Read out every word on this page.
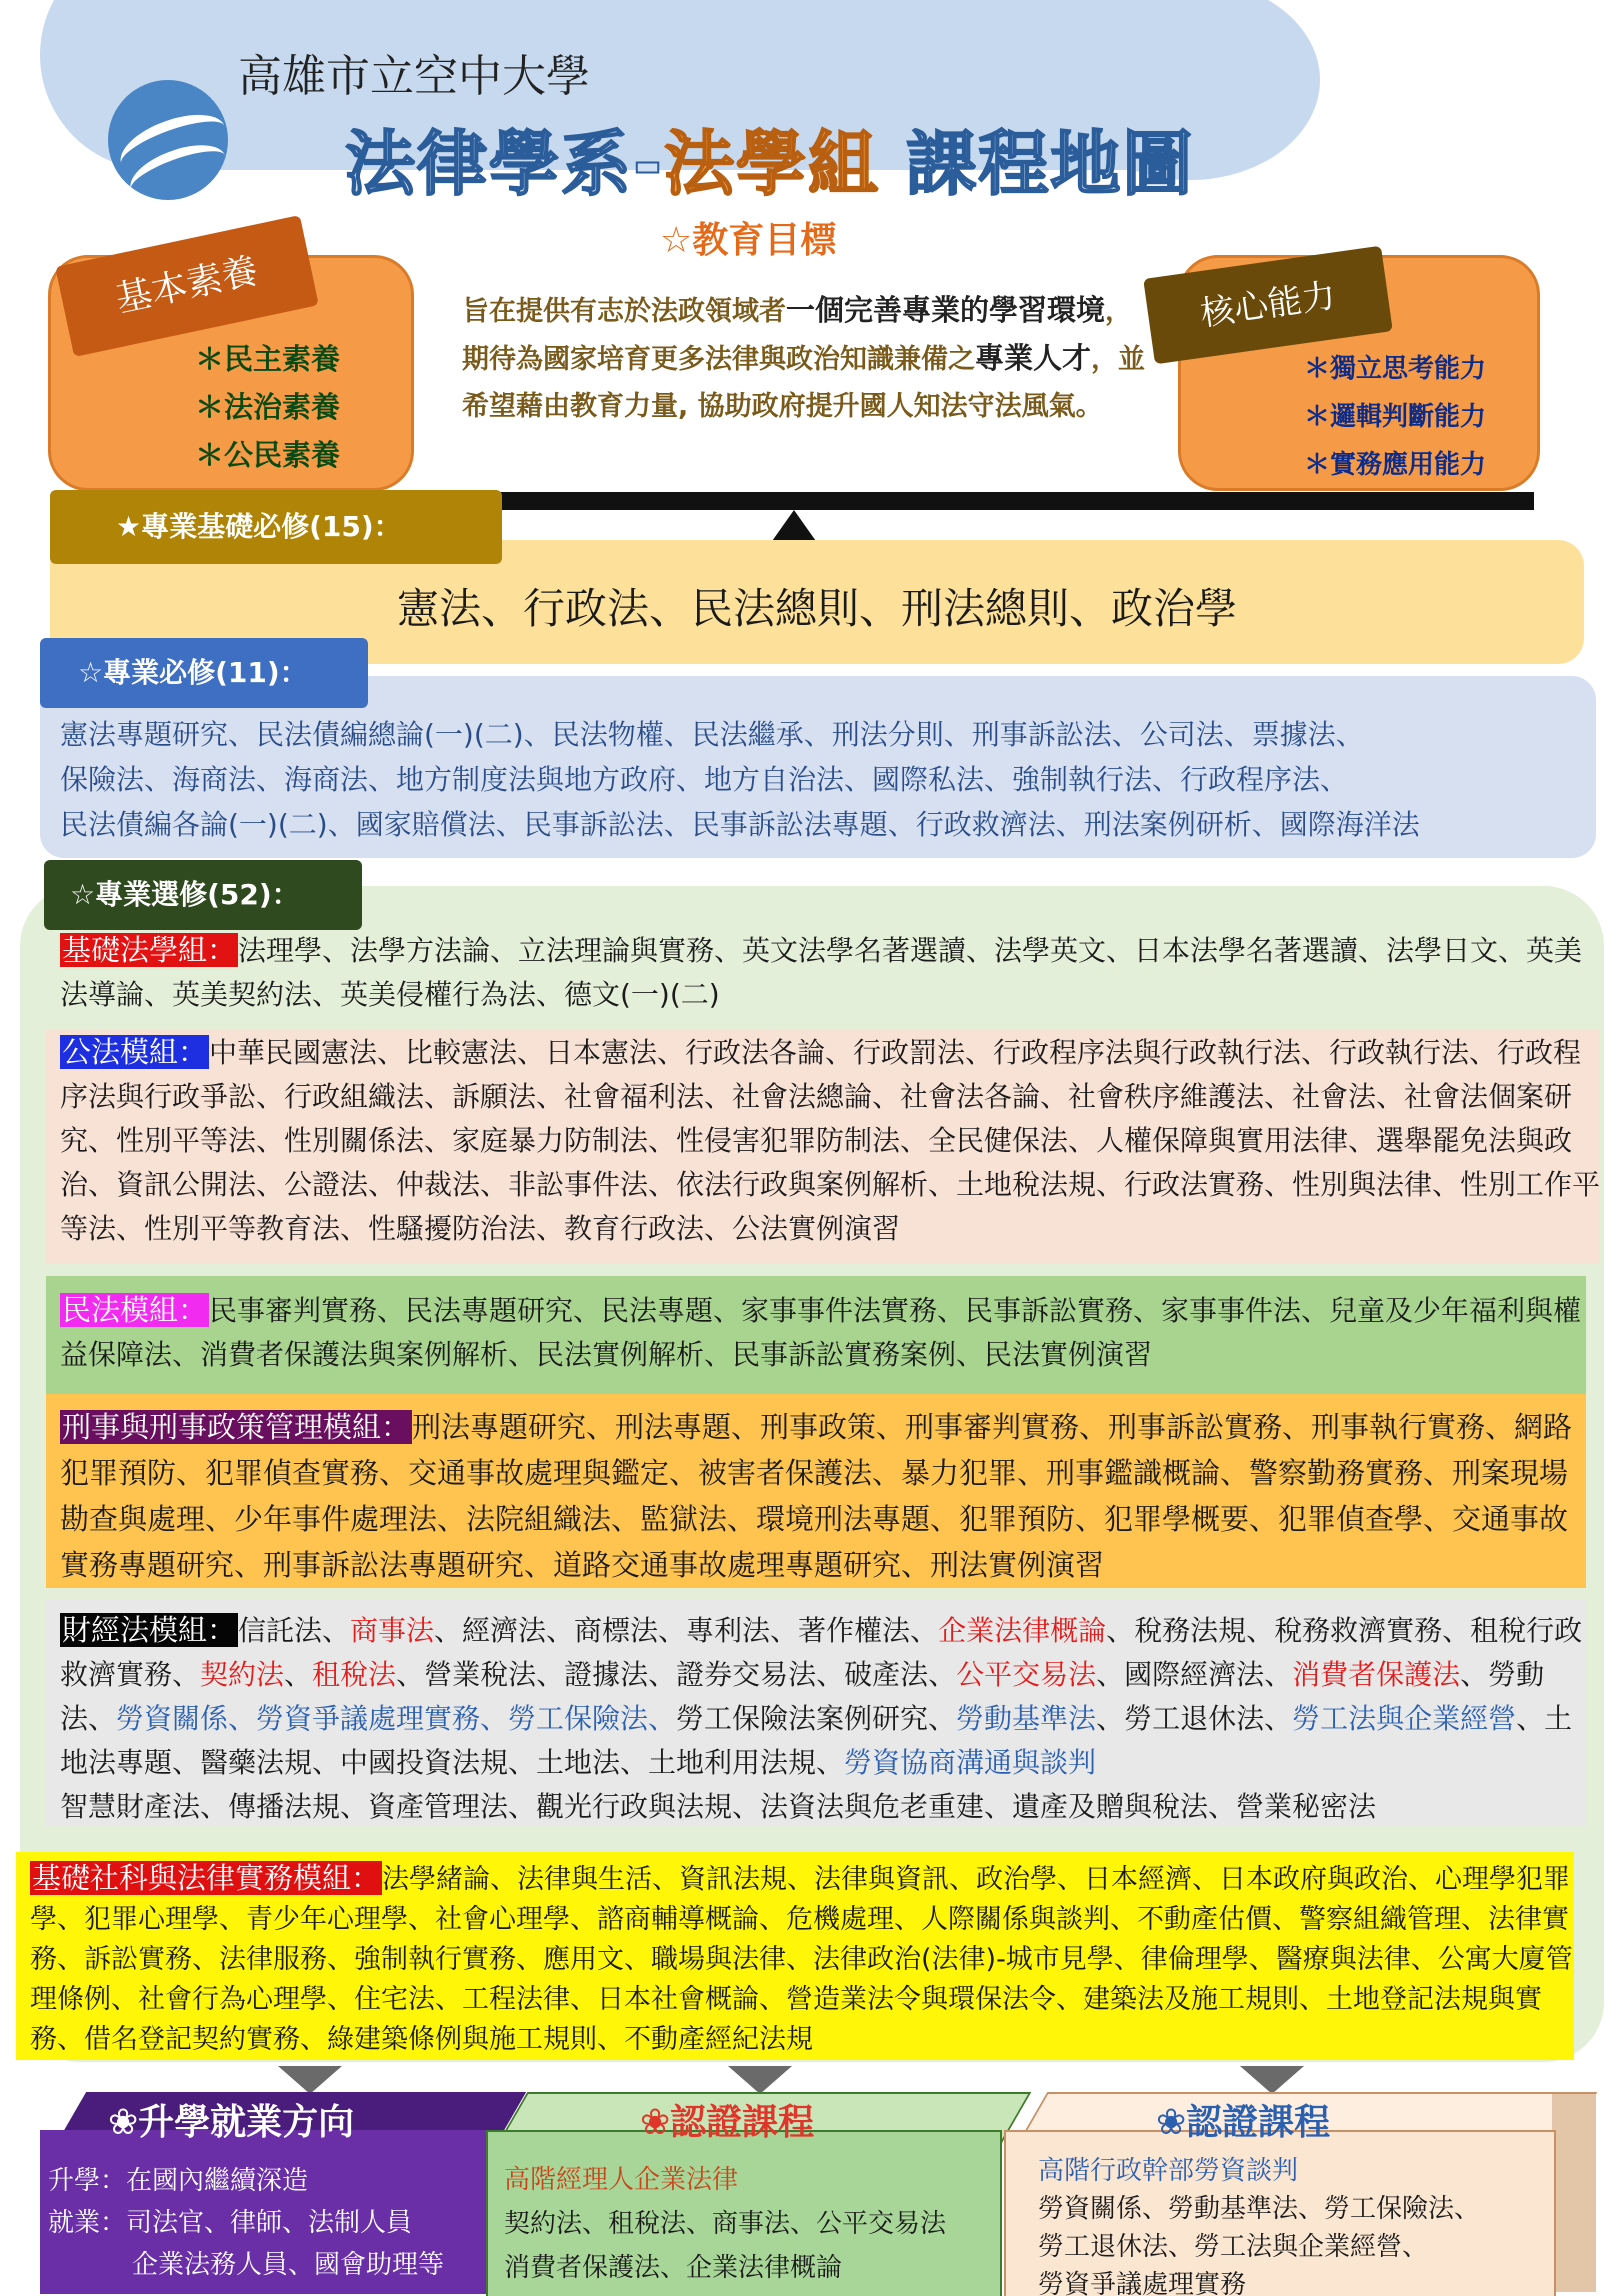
高雄市立空中大學
法律學系-法學組 課程地圖
基本素養
＊民主素養
＊法治素養
＊公民素養
☆教育目標
旨在提供有志於法政領域者一個完善專業的學習環境，期待為國家培育更多法律與政治知識兼備之專業人才，並希望藉由教育力量, 協助政府提升國人知法守法風氣。
核心能力
＊獨立思考能力
＊邏輯判斷能力
＊實務應用能力
★專業基礎必修(15)：
憲法、行政法、民法總則、刑法總則、政治學
☆專業必修(11)：
憲法專題研究、民法債編總論(一)(二)、民法物權、民法繼承、刑法分則、刑事訴訟法、公司法、票據法、
保險法、海商法、海商法、地方制度法與地方政府、地方自治法、國際私法、強制執行法、行政程序法、
民法債編各論(一)(二)、國家賠償法、民事訴訟法、民事訴訟法專題、行政救濟法、刑法案例研析、國際海洋法
☆專業選修(52)：
基礎法學組：法理學、法學方法論、立法理論與實務、英文法學名著選讀、法學英文、日本法學名著選讀、法學日文、英美法導論、英美契約法、英美侵權行為法、德文(一)(二)
公法模組：中華民國憲法、比較憲法、日本憲法、行政法各論、行政罰法、行政程序法與行政執行法、行政執行法、行政程序法與行政爭訟、行政組織法、訴願法、社會福利法、社會法總論、社會法各論、社會秩序維護法、社會法、社會法個案研究、性別平等法、性別關係法、家庭暴力防制法、性侵害犯罪防制法、全民健保法、人權保障與實用法律、選舉罷免法與政治、資訊公開法、公證法、仲裁法、非訟事件法、依法行政與案例解析、土地稅法規、行政法實務、性別與法律、性別工作平等法、性別平等教育法、性騷擾防治法、教育行政法、公法實例演習
民法模組：民事審判實務、民法專題研究、民法專題、家事事件法實務、民事訴訟實務、家事事件法、兒童及少年福利與權益保障法、消費者保護法與案例解析、民法實例解析、民事訴訟實務案例、民法實例演習
刑事與刑事政策管理模組：刑法專題研究、刑法專題、刑事政策、刑事審判實務、刑事訴訟實務、刑事執行實務、網路犯罪預防、犯罪偵查實務、交通事故處理與鑑定、被害者保護法、暴力犯罪、刑事鑑識概論、警察勤務實務、刑案現場勘查與處理、少年事件處理法、法院組織法、監獄法、環境刑法專題、犯罪預防、犯罪學概要、犯罪偵查學、交通事故實務專題研究、刑事訴訟法專題研究、道路交通事故處理專題研究、刑法實例演習
財經法模組：信託法、商事法、經濟法、商標法、專利法、著作權法、企業法律概論、稅務法規、稅務救濟實務、租稅行政救濟實務、契約法、租稅法、營業稅法、證據法、證券交易法、破產法、公平交易法、國際經濟法、消費者保護法、勞動法、勞資關係、勞資爭議處理實務、勞工保險法、勞工保險法案例研究、勞動基準法、勞工退休法、勞工法與企業經營、土地法專題、醫藥法規、中國投資法規、土地法、土地利用法規、勞資協商溝通與談判
智慧財產法、傳播法規、資產管理法、觀光行政與法規、法資法與危老重建、遺產及贈與稅法、營業秘密法
基礎社科與法律實務模組：法學緒論、法律與生活、資訊法規、法律與資訊、政治學、日本經濟、日本政府與政治、心理學犯罪學、犯罪心理學、青少年心理學、社會心理學、諮商輔導概論、危機處理、人際關係與談判、不動產估價、警察組織管理、法律實務、訴訟實務、法律服務、強制執行實務、應用文、職場與法律、法律政治(法律)-城市見學、律倫理學、醫療與法律、公寓大廈管理條例、社會行為心理學、住宅法、工程法律、日本社會概論、營造業法令與環保法令、建築法及施工規則、土地登記法規與實務、借名登記契約實務、綠建築條例與施工規則、不動產經紀法規
❀升學就業方向
升學：在國內繼續深造
就業：司法官、律師、法制人員
企業法務人員、國會助理等
❀認證課程
高階經理人企業法律
契約法、租稅法、商事法、公平交易法
消費者保護法、企業法律概論
❀認證課程
高階行政幹部勞資談判
勞資關係、勞動基準法、勞工保險法、
勞工退休法、勞工法與企業經營、
勞資爭議處理實務
